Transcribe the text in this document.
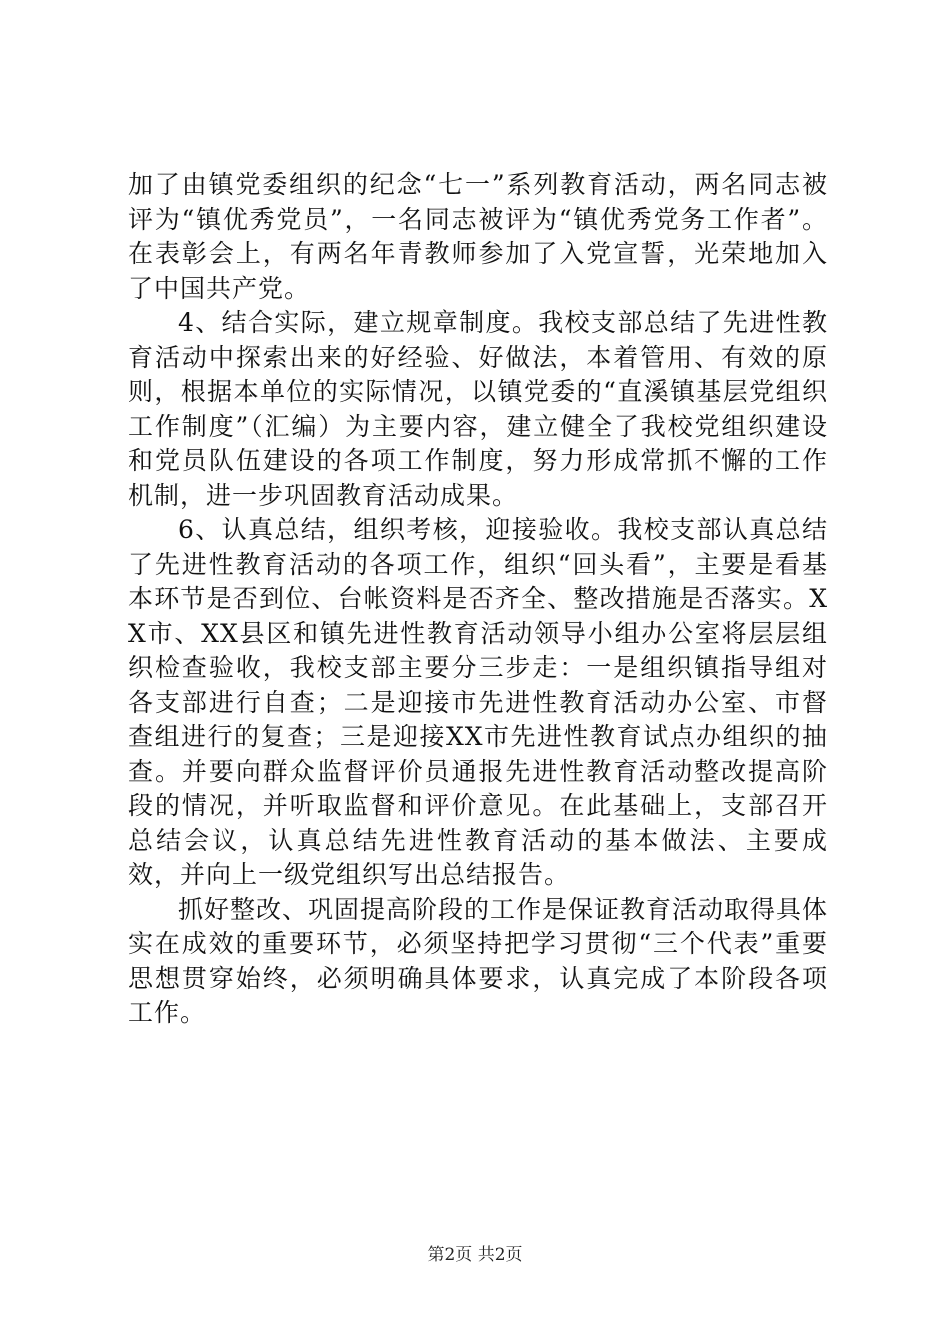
加了由镇党委组织的纪念“七一”系列教育活动，两名同志被评为“镇优秀党员”，一名同志被评为“镇优秀党务工作者”。在表彰会上，有两名年青教师参加了入党宣誓，光荣地加入了中国共产党。

4、结合实际，建立规章制度。我校支部总结了先进性教育活动中探索出来的好经验、好做法，本着管用、有效的原则，根据本单位的实际情况，以镇党委的“直溪镇基层党组织工作制度”（汇编）为主要内容，建立健全了我校党组织建设和党员队伍建设的各项工作制度，努力形成常抓不懈的工作机制，进一步巩固教育活动成果。

6、认真总结，组织考核，迎接验收。我校支部认真总结了先进性教育活动的各项工作，组织“回头看”，主要是看基本环节是否到位、台帐资料是否齐全、整改措施是否落实。XX市、XX县区和镇先进性教育活动领导小组办公室将层层组织检查验收，我校支部主要分三步走：一是组织镇指导组对各支部进行自查；二是迎接市先进性教育活动办公室、市督查组进行的复查；三是迎接XX市先进性教育试点办组织的抽查。并要向群众监督评价员通报先进性教育活动整改提高阶段的情况，并听取监督和评价意见。在此基础上，支部召开总结会议，认真总结先进性教育活动的基本做法、主要成效，并向上一级党组织写出总结报告。

抓好整改、巩固提高阶段的工作是保证教育活动取得具体实在成效的重要环节，必须坚持把学习贯彻“三个代表”重要思想贯穿始终，必须明确具体要求，认真完成了本阶段各项工作。

第2页 共2页
